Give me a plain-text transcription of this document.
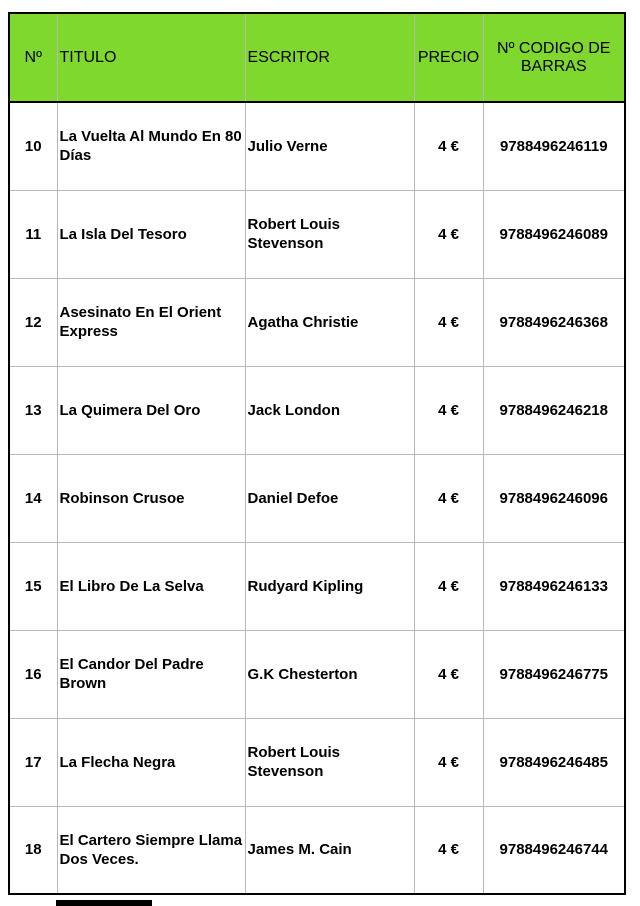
Nº	TITULO	ESCRITOR	PRECIO	Nº CODIGO DE BARRAS
10	La Vuelta Al Mundo En 80 Días	Julio Verne	4 €	9788496246119
11	La Isla Del Tesoro	Robert Louis Stevenson	4 €	9788496246089
12	Asesinato En El Orient Express	Agatha Christie	4 €	9788496246368
13	La Quimera Del Oro	Jack London	4 €	9788496246218
14	Robinson Crusoe	Daniel Defoe	4 €	9788496246096
15	El Libro De La Selva	Rudyard Kipling	4 €	9788496246133
16	El Candor Del Padre Brown	G.K Chesterton	4 €	9788496246775
17	La Flecha Negra	Robert Louis Stevenson	4 €	9788496246485
18	El Cartero Siempre Llama Dos Veces.	James M. Cain	4 €	9788496246744
